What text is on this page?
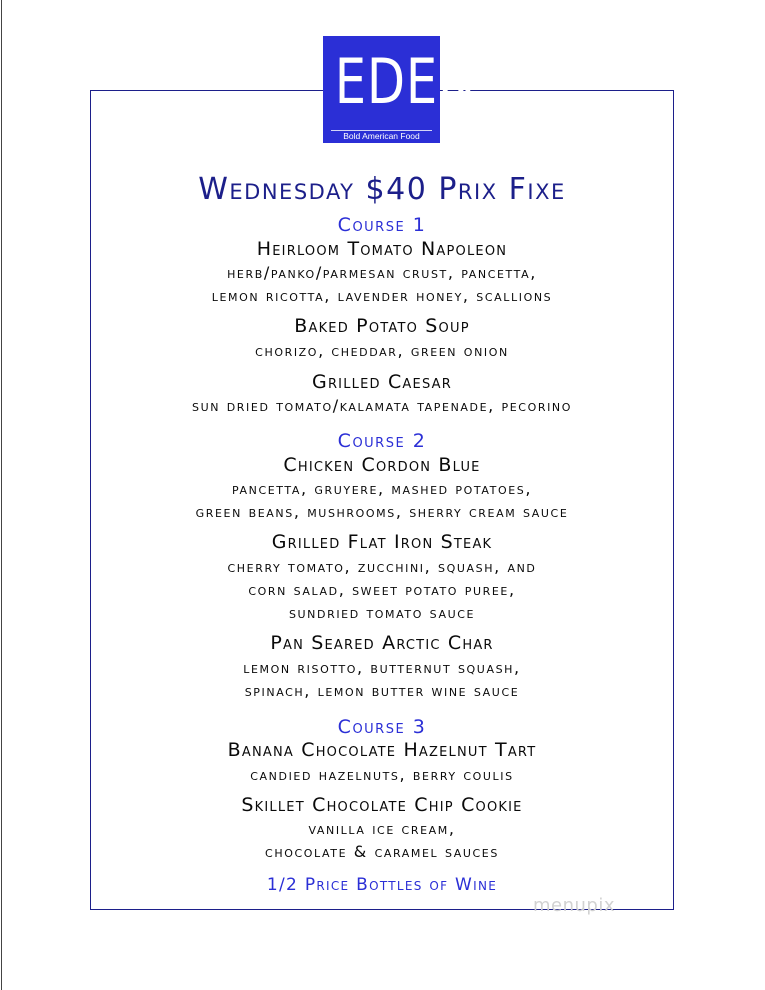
EDEN
Bold American Food
Wednesday $40 Prix Fixe
Course 1
Heirloom Tomato Napoleon
herb/panko/parmesan crust, pancetta,
lemon ricotta, lavender honey, scallions
Baked Potato Soup
chorizo, cheddar, green onion
Grilled Caesar
sun dried tomato/kalamata tapenade, pecorino
Course 2
Chicken Cordon Blue
pancetta, gruyere, mashed potatoes,
green beans, mushrooms, sherry cream sauce
Grilled Flat Iron Steak
cherry tomato, zucchini, squash, and
corn salad, sweet potato puree,
sundried tomato sauce
Pan Seared Arctic Char
lemon risotto, butternut squash,
spinach, lemon butter wine sauce
Course 3
Banana Chocolate Hazelnut Tart
candied hazelnuts, berry coulis
Skillet Chocolate Chip Cookie
vanilla ice cream,
chocolate & caramel sauces
1/2 Price Bottles of Wine
menupix
